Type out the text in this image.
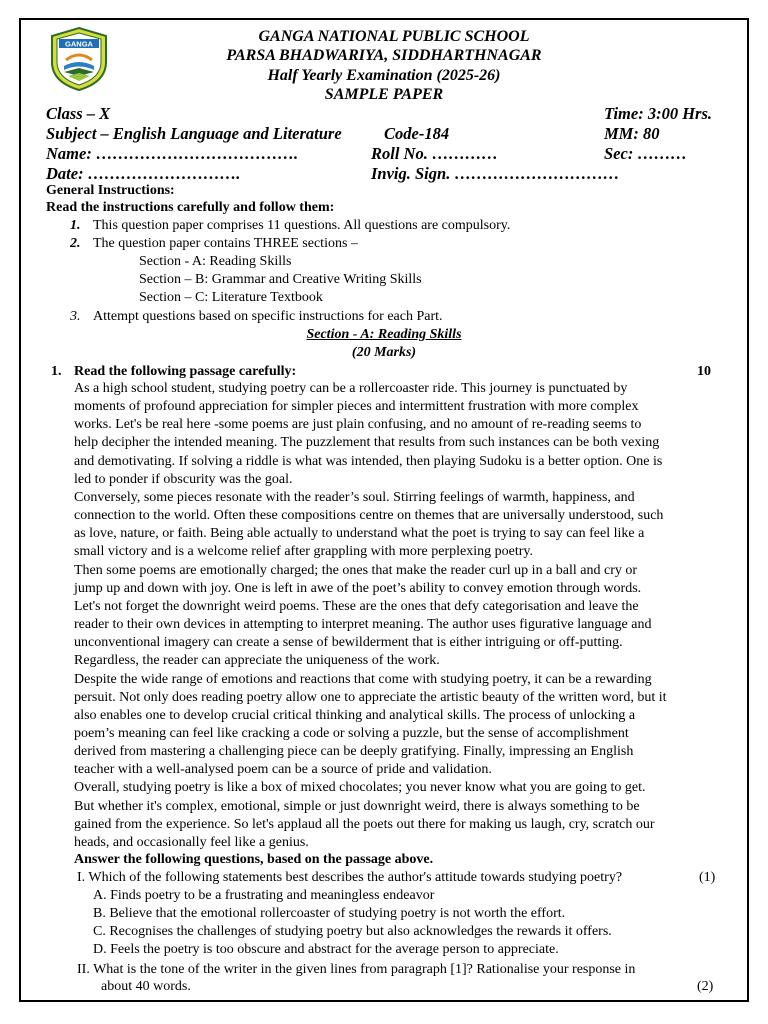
GANGA	GANGA NATIONAL PUBLIC SCHOOL
PARSA BHADWARIYA, SIDDHARTHNAGAR
Half Yearly Examination (2025-26)
SAMPLE PAPER
Class – X	Time: 3:00 Hrs.
Subject – English Language and Literature	Code-184	MM: 80
Name: ……………………………….	Roll No. …………	Sec: ………
Date: ……………………….	Invig. Sign. …………………………
General Instructions:
Read the instructions carefully and follow them:
1. This question paper comprises 11 questions. All questions are compulsory.
2. The question paper contains THREE sections –
Section - A: Reading Skills
Section – B: Grammar and Creative Writing Skills
Section – C: Literature Textbook
3. Attempt questions based on specific instructions for each Part.
Section - A: Reading Skills
(20 Marks)
1. Read the following passage carefully:	10
As a high school student, studying poetry can be a rollercoaster ride. This journey is punctuated by
moments of profound appreciation for simpler pieces and intermittent frustration with more complex
works. Let's be real here -some poems are just plain confusing, and no amount of re-reading seems to
help decipher the intended meaning. The puzzlement that results from such instances can be both vexing
and demotivating. If solving a riddle is what was intended, then playing Sudoku is a better option. One is
led to ponder if obscurity was the goal.
Conversely, some pieces resonate with the reader’s soul. Stirring feelings of warmth, happiness, and
connection to the world. Often these compositions centre on themes that are universally understood, such
as love, nature, or faith. Being able actually to understand what the poet is trying to say can feel like a
small victory and is a welcome relief after grappling with more perplexing poetry.
Then some poems are emotionally charged; the ones that make the reader curl up in a ball and cry or
jump up and down with joy. One is left in awe of the poet’s ability to convey emotion through words.
Let's not forget the downright weird poems. These are the ones that defy categorisation and leave the
reader to their own devices in attempting to interpret meaning. The author uses figurative language and
unconventional imagery can create a sense of bewilderment that is either intriguing or off-putting.
Regardless, the reader can appreciate the uniqueness of the work.
Despite the wide range of emotions and reactions that come with studying poetry, it can be a rewarding
persuit. Not only does reading poetry allow one to appreciate the artistic beauty of the written word, but it
also enables one to develop crucial critical thinking and analytical skills. The process of unlocking a
poem’s meaning can feel like cracking a code or solving a puzzle, but the sense of accomplishment
derived from mastering a challenging piece can be deeply gratifying. Finally, impressing an English
teacher with a well-analysed poem can be a source of pride and validation.
Overall, studying poetry is like a box of mixed chocolates; you never know what you are going to get.
But whether it's complex, emotional, simple or just downright weird, there is always something to be
gained from the experience. So let's applaud all the poets out there for making us laugh, cry, scratch our
heads, and occasionally feel like a genius.
Answer the following questions, based on the passage above.
I. Which of the following statements best describes the author's attitude towards studying poetry?	(1)
A. Finds poetry to be a frustrating and meaningless endeavor
B. Believe that the emotional rollercoaster of studying poetry is not worth the effort.
C. Recognises the challenges of studying poetry but also acknowledges the rewards it offers.
D. Feels the poetry is too obscure and abstract for the average person to appreciate.
II. What is the tone of the writer in the given lines from paragraph [1]? Rationalise your response in
about 40 words.	(2)
